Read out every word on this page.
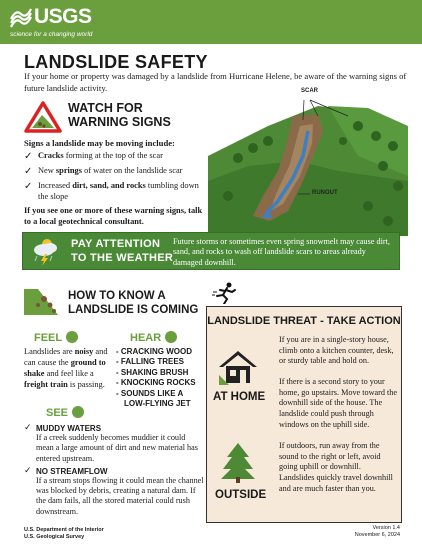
USGS
science for a changing world
LANDSLIDE SAFETY
If your home or property was damaged by a landslide from Hurricane Helene, be aware of the warning signs of future landslide activity.
WATCH FOR
WARNING SIGNS
Signs a landslide may be moving include:
✓ Cracks forming at the top of the scar
✓ New springs of water on the landslide scar
✓ Increased dirt, sand, and rocks tumbling down the slope
If you see one or more of these warning signs, talk to a local geotechnical consultant.
SCAR
RUNOUT
PAY ATTENTION
TO THE WEATHER
Future storms or sometimes even spring snowmelt may cause dirt, sand, and rocks to wash off landslide scars to areas already damaged downhill.
HOW TO KNOW A
LANDSLIDE IS COMING
FEEL
Landslides are noisy and can cause the ground to shake and feel like a freight train is passing.
HEAR
- CRACKING WOOD
- FALLING TREES
- SHAKING BRUSH
- KNOCKING ROCKS
- SOUNDS LIKE A
LOW-FLYING JET
SEE
✓ MUDDY WATERS
If a creek suddenly becomes muddier it could mean a large amount of dirt and new material has entered upstream.
✓ NO STREAMFLOW
If a stream stops flowing it could mean the channel was blocked by debris, creating a natural dam. If the dam fails, all the stored material could rush downstream.
LANDSLIDE THREAT - TAKE ACTION
AT HOME
If you are in a single-story house, climb onto a kitchen counter, desk, or sturdy table and hold on.
If there is a second story to your home, go upstairs. Move toward the downhill side of the house. The landslide could push through windows on the uphill side.
OUTSIDE
If outdoors, run away from the sound to the right or left, avoid going uphill or downhill. Landslides quickly travel downhill and are much faster than you.
U.S. Department of the Interior
U.S. Geological Survey
Version 1.4
November 6, 2024
